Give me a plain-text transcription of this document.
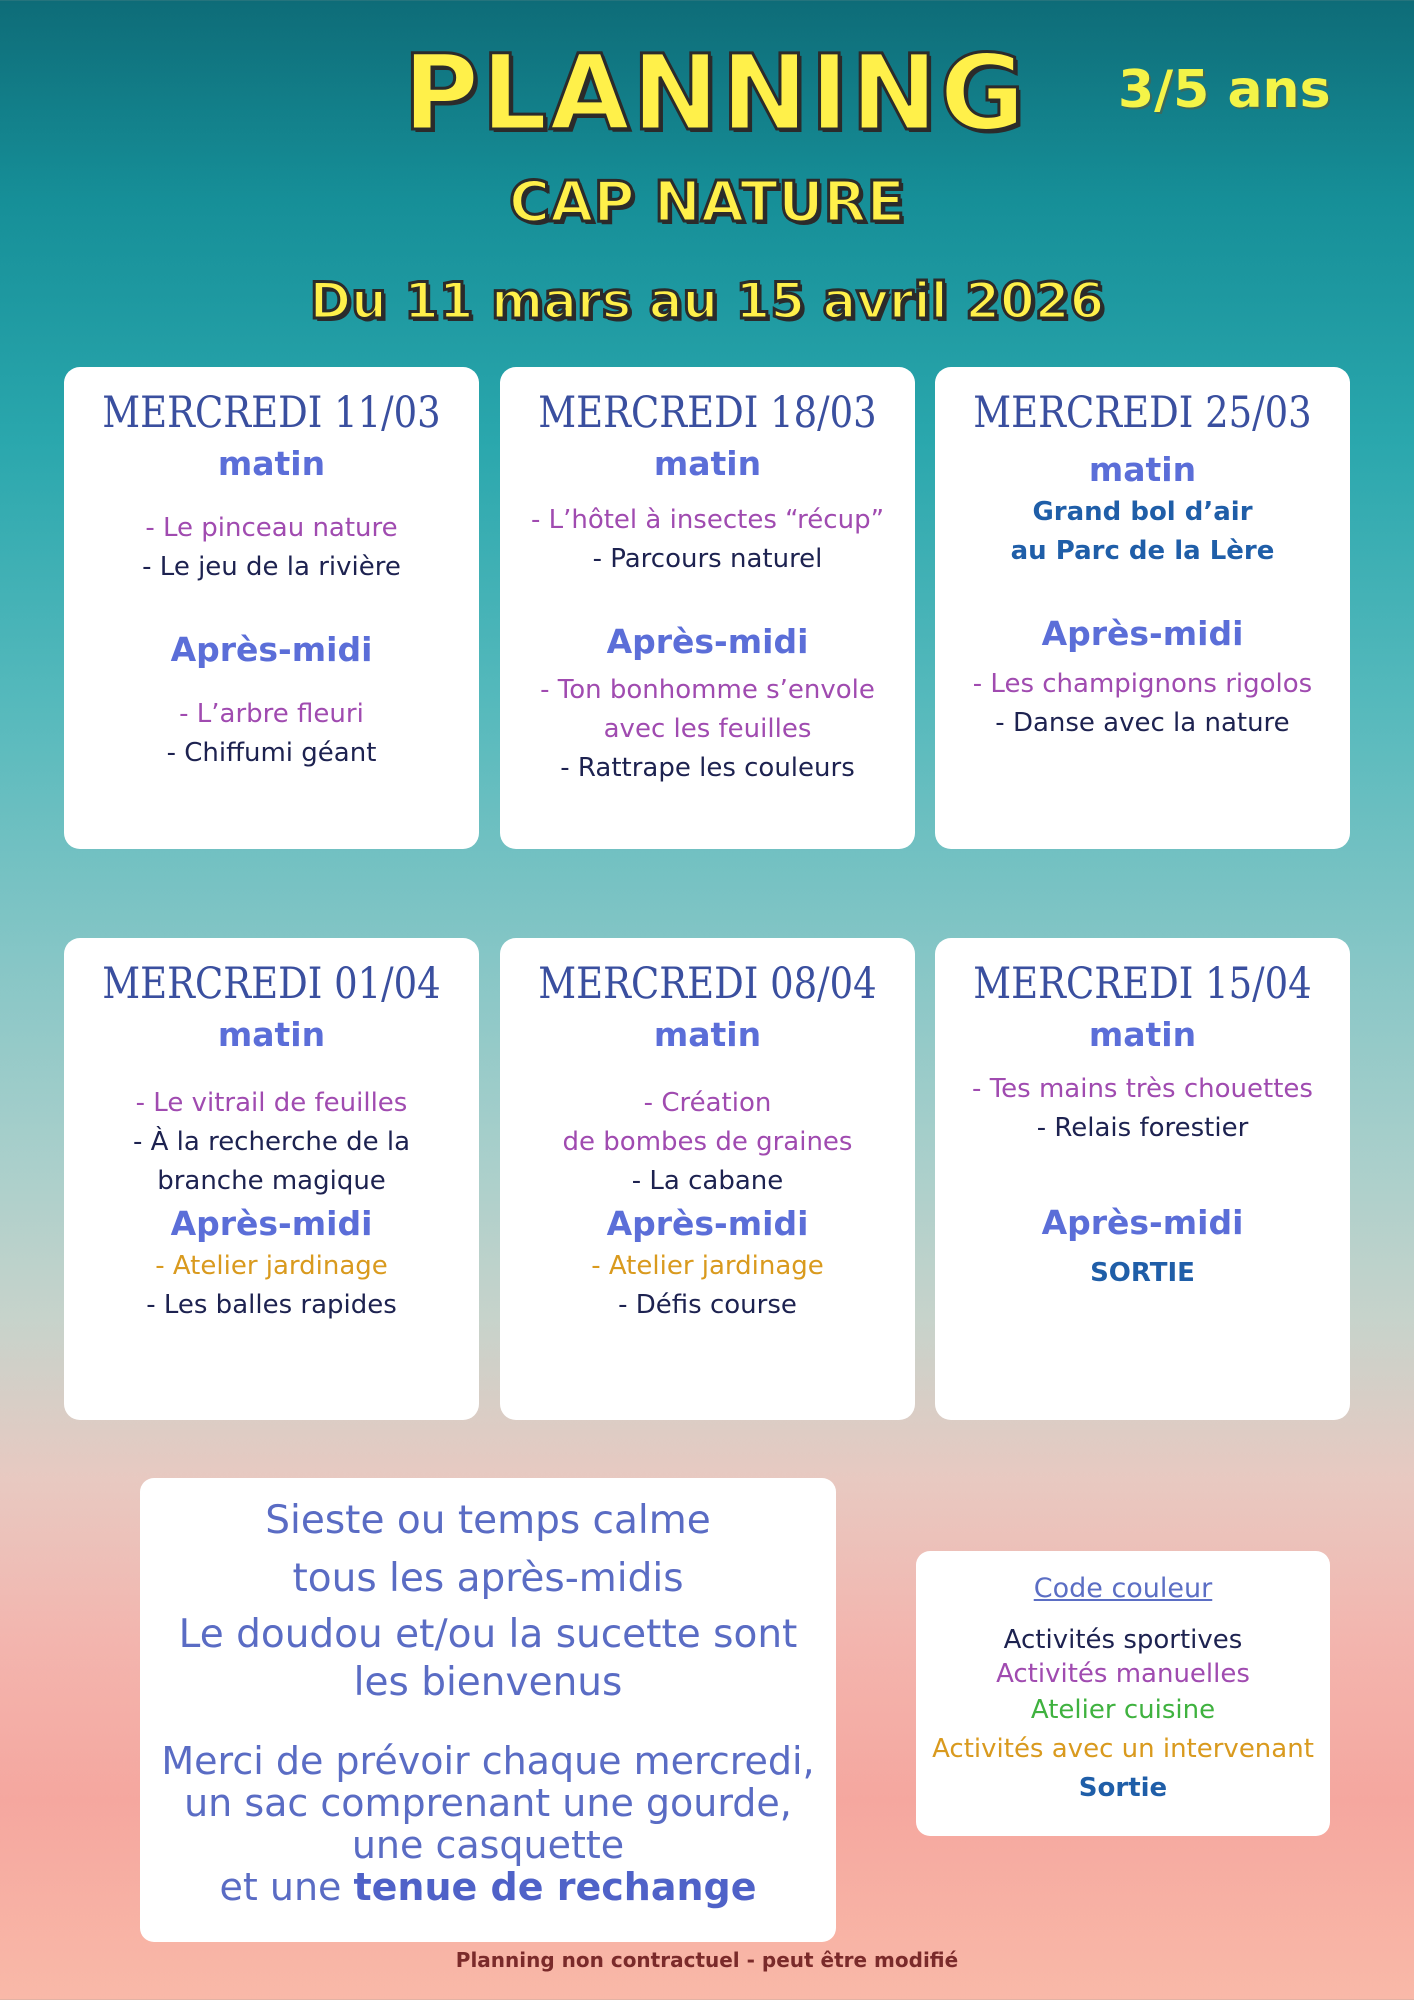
PLANNING	3/5 ans
CAP NATURE
Du 11 mars au 15 avril 2026
MERCREDI 11/03
matin
- Le pinceau nature
- Le jeu de la rivière
Après-midi
- L’arbre fleuri
- Chiffumi géant
MERCREDI 18/03
matin
- L’hôtel à insectes “récup”
- Parcours naturel
Après-midi
- Ton bonhomme s’envole
avec les feuilles
- Rattrape les couleurs
MERCREDI 25/03
matin
Grand bol d’air
au Parc de la Lère
Après-midi
- Les champignons rigolos
- Danse avec la nature
MERCREDI 01/04
matin
- Le vitrail de feuilles
- À la recherche de la
branche magique
Après-midi
- Atelier jardinage
- Les balles rapides
MERCREDI 08/04
matin
- Création
de bombes de graines
- La cabane
Après-midi
- Atelier jardinage
- Défis course
MERCREDI 15/04
matin
- Tes mains très chouettes
- Relais forestier
Après-midi
SORTIE
Sieste ou temps calme
tous les après-midis
Le doudou et/ou la sucette sont
les bienvenus
Merci de prévoir chaque mercredi,
un sac comprenant une gourde,
une casquette
et une tenue de rechange
Code couleur
Activités sportives
Activités manuelles
Atelier cuisine
Activités avec un intervenant
Sortie
Planning non contractuel - peut être modifié
